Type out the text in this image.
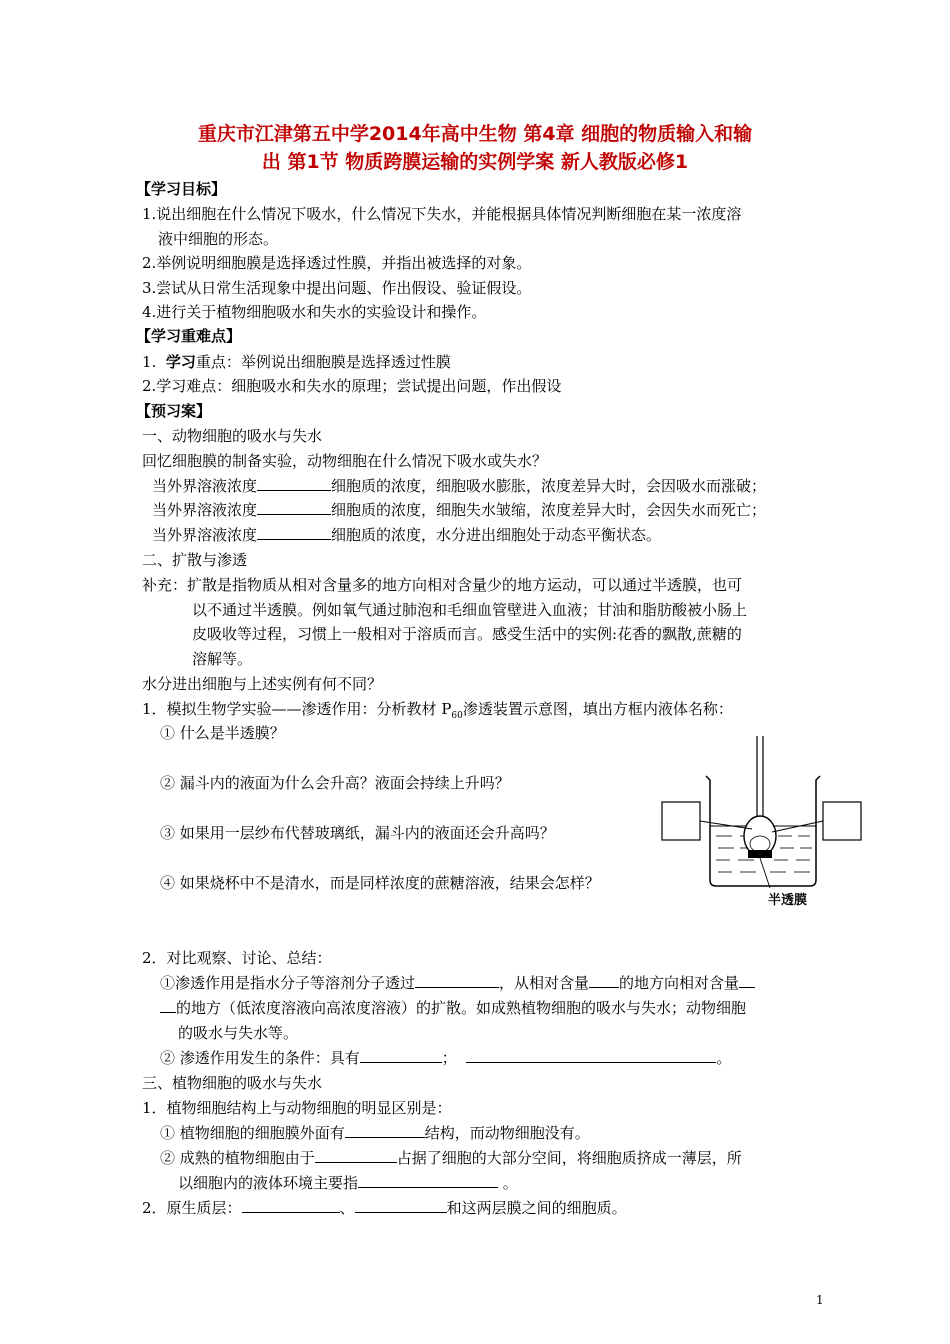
重庆市江津第五中学2014年高中生物 第4章 细胞的物质输入和输
出 第1节 物质跨膜运输的实例学案 新人教版必修1
【学习目标】
1.说出细胞在什么情况下吸水，什么情况下失水，并能根据具体情况判断细胞在某一浓度溶
液中细胞的形态。
2.举例说明细胞膜是选择透过性膜，并指出被选择的对象。
3.尝试从日常生活现象中提出问题、作出假设、验证假设。
4.进行关于植物细胞吸水和失水的实验设计和操作。
【学习重难点】
1. 学习重点：举例说出细胞膜是选择透过性膜
2.学习难点：细胞吸水和失水的原理；尝试提出问题，作出假设
【预习案】
一、动物细胞的吸水与失水
回忆细胞膜的制备实验，动物细胞在什么情况下吸水或失水？
当外界溶液浓度	细胞质的浓度，细胞吸水膨胀，浓度差异大时，会因吸水而涨破；
当外界溶液浓度	细胞质的浓度，细胞失水皱缩，浓度差异大时，会因失水而死亡；
当外界溶液浓度	细胞质的浓度，水分进出细胞处于动态平衡状态。
二、扩散与渗透
补充：扩散是指物质从相对含量多的地方向相对含量少的地方运动，可以通过半透膜，也可
以不通过半透膜。例如氧气通过肺泡和毛细血管壁进入血液；甘油和脂肪酸被小肠上
皮吸收等过程，习惯上一般相对于溶质而言。感受生活中的实例:花香的飘散,蔗糖的
溶解等。
水分进出细胞与上述实例有何不同？
1．模拟生物学实验——渗透作用：分析教材 $P_{60}$渗透装置示意图，填出方框内液体名称：
① 什么是半透膜？
② 漏斗内的液面为什么会升高？液面会持续上升吗？
③ 如果用一层纱布代替玻璃纸，漏斗内的液面还会升高吗？
④ 如果烧杯中不是清水，而是同样浓度的蔗糖溶液，结果会怎样？
半透膜
2．对比观察、讨论、总结：
①渗透作用是指水分子等溶剂分子透过	，从相对含量 的地方向相对含量
的地方（低浓度溶液向高浓度溶液）的扩散。如成熟植物细胞的吸水与失水；动物细胞
的吸水与失水等。
② 渗透作用发生的条件：具有	；	。
三、植物细胞的吸水与失水
1．植物细胞结构上与动物细胞的明显区别是：
① 植物细胞的细胞膜外面有	结构，而动物细胞没有。
② 成熟的植物细胞由于	占据了细胞的大部分空间，将细胞质挤成一薄层，所
以细胞内的液体环境主要指	。
2．原生质层：	、	和这两层膜之间的细胞质。
1
